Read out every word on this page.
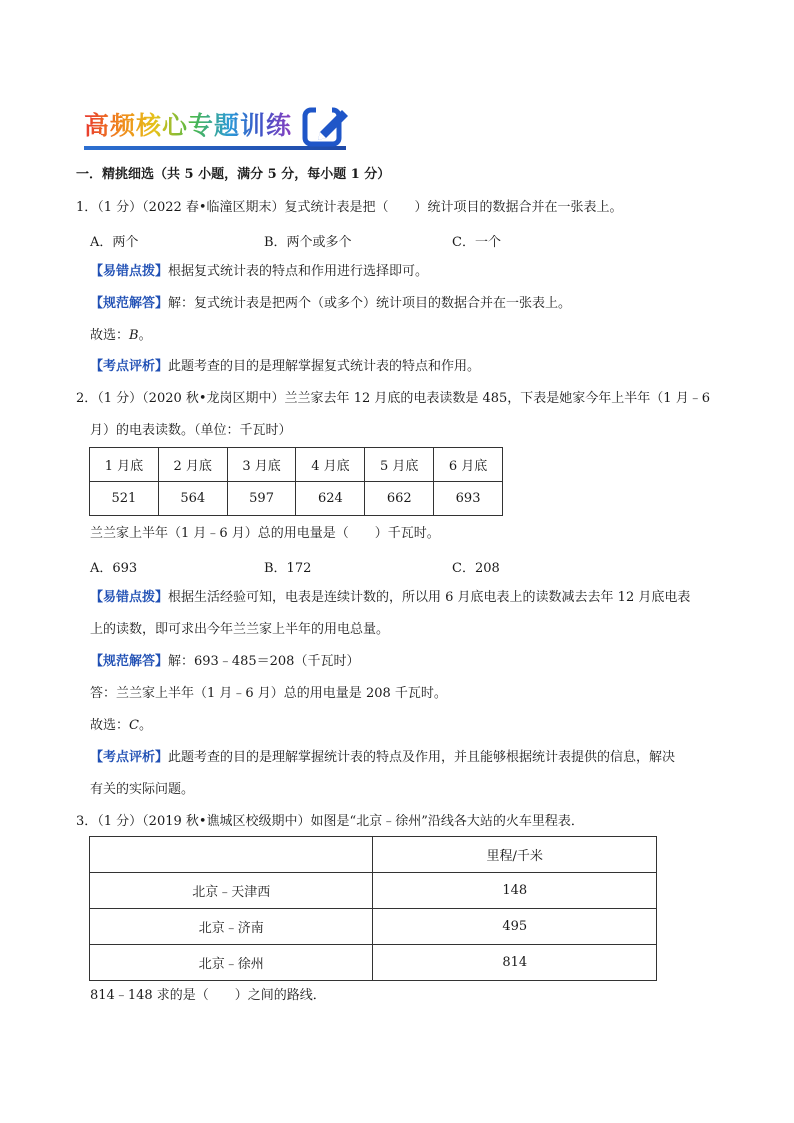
高频核心专题训练
一．精挑细选（共 5 小题，满分 5 分，每小题 1 分）
1．（1 分）（2022 春•临潼区期末）复式统计表是把（　　）统计项目的数据合并在一张表上。
A．两个	B．两个或多个	C．一个
【易错点拨】根据复式统计表的特点和作用进行选择即可。
【规范解答】解：复式统计表是把两个（或多个）统计项目的数据合并在一张表上。
故选：B。
【考点评析】此题考查的目的是理解掌握复式统计表的特点和作用。
2．（1 分）（2020 秋•龙岗区期中）兰兰家去年 12 月底的电表读数是 485，下表是她家今年上半年（1 月﹣6
月）的电表读数。（单位：千瓦时）
1 月底	2 月底	3 月底	4 月底	5 月底	6 月底
521	564	597	624	662	693
兰兰家上半年（1 月﹣6 月）总的用电量是（　　）千瓦时。
A．693	B．172	C．208
【易错点拨】根据生活经验可知，电表是连续计数的，所以用 6 月底电表上的读数减去去年 12 月底电表
上的读数，即可求出今年兰兰家上半年的用电总量。
【规范解答】解：693﹣485＝208（千瓦时）
答：兰兰家上半年（1 月﹣6 月）总的用电量是 208 千瓦时。
故选：C。
【考点评析】此题考查的目的是理解掌握统计表的特点及作用，并且能够根据统计表提供的信息，解决
有关的实际问题。
3．（1 分）（2019 秋•谯城区校级期中）如图是“北京﹣徐州”沿线各大站的火车里程表．
	里程/千米
北京﹣天津西	148
北京﹣济南	495
北京﹣徐州	814
814﹣148 求的是（　　）之间的路线．
